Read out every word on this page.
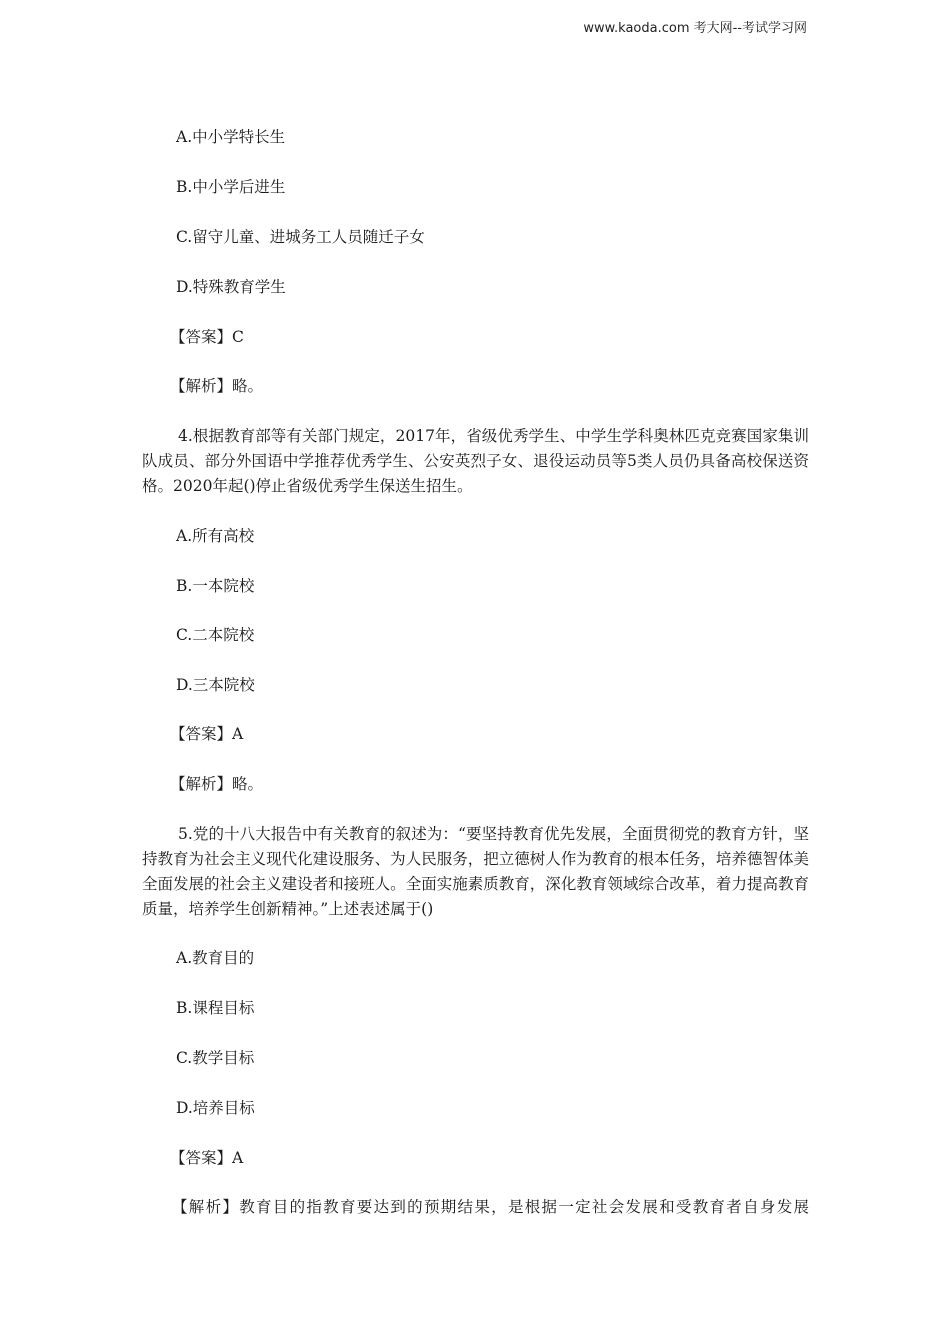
www.kaoda.com 考大网--考试学习网
A.中小学特长生
B.中小学后进生
C.留守儿童、进城务工人员随迁子女
D.特殊教育学生
【答案】C
【解析】略。
4.根据教育部等有关部门规定，2017年，省级优秀学生、中学生学科奥林匹克竞赛国家集训队成员、部分外国语中学推荐优秀学生、公安英烈子女、退役运动员等5类人员仍具备高校保送资格。2020年起()停止省级优秀学生保送生招生。
A.所有高校
B.一本院校
C.二本院校
D.三本院校
【答案】A
【解析】略。
5.党的十八大报告中有关教育的叙述为：“要坚持教育优先发展，全面贯彻党的教育方针，坚持教育为社会主义现代化建设服务、为人民服务，把立德树人作为教育的根本任务，培养德智体美全面发展的社会主义建设者和接班人。全面实施素质教育，深化教育领域综合改革，着力提高教育质量，培养学生创新精神。”上述表述属于()
A.教育目的
B.课程目标
C.教学目标
D.培养目标
【答案】A
【解析】教育目的指教育要达到的预期结果，是根据一定社会发展和受教育者自身发展
